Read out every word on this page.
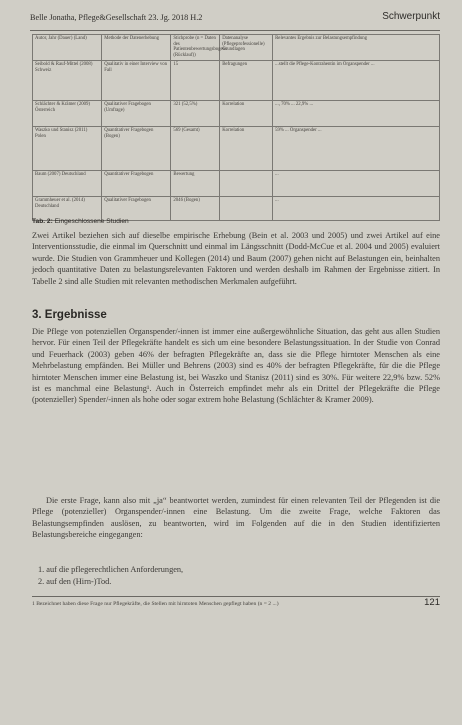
Belle Jonatha, Pflege&Gesellschaft 23. Jg. 2018 H.2	Schwerpunkt
Autor, Jahr (Dauer) (Land)	Methode der Datenerhebung	Stichprobe (n = Daten des Patientenbewertungsbogens (Rücklauf))	Datenanalyse (Pflegeprofessionelle) Grundlagen	Relevantes Ergebnis zur Belastungsempfindung
Seibold & Rauf-Mittel (2008) Schweiz	Qualitativ in einer Interview von Fall	15	Befragungen	...stellt die Pflege-Kontrahentin im Organspender ...
Schlächter & Krämer (2009) Österreich	Qualitativer Fragebogen (Umfrage)	321 (52,5%)	Korrelation	..., 70% ... 22,9% ...
Waszko und Stanisz (2011) Polen	Quantitativer Fragebogen (Bogen)	569 (Gesamt)	Korrelation	59% ... Organspender ...
Baum (2007) Deutschland	Quantitativer Fragebogen	Bewertung		...
Grammheuer et al. (2014) Deutschland	Qualitativer Fragebogen	2046 (Bogen)		...
Tab. 2: Eingeschlossene Studien

Zwei Artikel beziehen sich auf dieselbe empirische Erhebung (Bein et al. 2003 und 2005) und zwei Artikel auf eine Interventionsstudie, die einmal im Querschnitt und einmal im Längsschnitt (Dodd-McCue et al. 2004 und 2005) evaluiert wurde. Die Studien von Grammheuer und Kollegen (2014) und Baum (2007) gehen nicht auf Belastungen ein, beinhalten jedoch quantitative Daten zu belastungsrelevanten Faktoren und werden deshalb im Rahmen der Ergebnisse zitiert. In Tabelle 2 sind alle Studien mit relevanten methodischen Merkmalen aufgeführt.

3. Ergebnisse

Die Pflege von potenziellen Organspender/-innen ist immer eine außergewöhnliche Situation, das geht aus allen Studien hervor. Für einen Teil der Pflegekräfte handelt es sich um eine besondere Belastungssituation. In der Studie von Conrad und Feuerhack (2003) geben 46% der befragten Pflegekräfte an, dass sie die Pflege hirntoter Menschen als eine Mehrbelastung empfänden. Bei Müller und Behrens (2003) sind es 40% der befragten Pflegekräfte, für die die Pflege hirntoter Menschen immer eine Belastung ist, bei Waszko und Stanisz (2011) sind es 30%. Für weitere 22,9% bzw. 52% ist es manchmal eine Belastung¹. Auch in Österreich empfindet mehr als ein Drittel der Pflegekräfte die Pflege (potenzieller) Spender/-innen als hohe oder sogar extrem hohe Belastung (Schlächter & Kramer 2009).

Die erste Frage, kann also mit „ja“ beantwortet werden, zumindest für einen relevanten Teil der Pflegenden ist die Pflege (potenzieller) Organspender/-innen eine Belastung. Um die zweite Frage, welche Faktoren das Belastungsempfinden auslösen, zu beantworten, wird im Folgenden auf die in den Studien identifizierten Belastungsbereiche eingegangen:

1. auf die pflegerechtlichen Anforderungen,
2. auf den (Hirn-)Tod.
1 Bezeichnet haben diese Frage nur Pflegekräfte, die Stellen mit hirntoten Menschen gepflegt haben (n = 2 ...)	121
